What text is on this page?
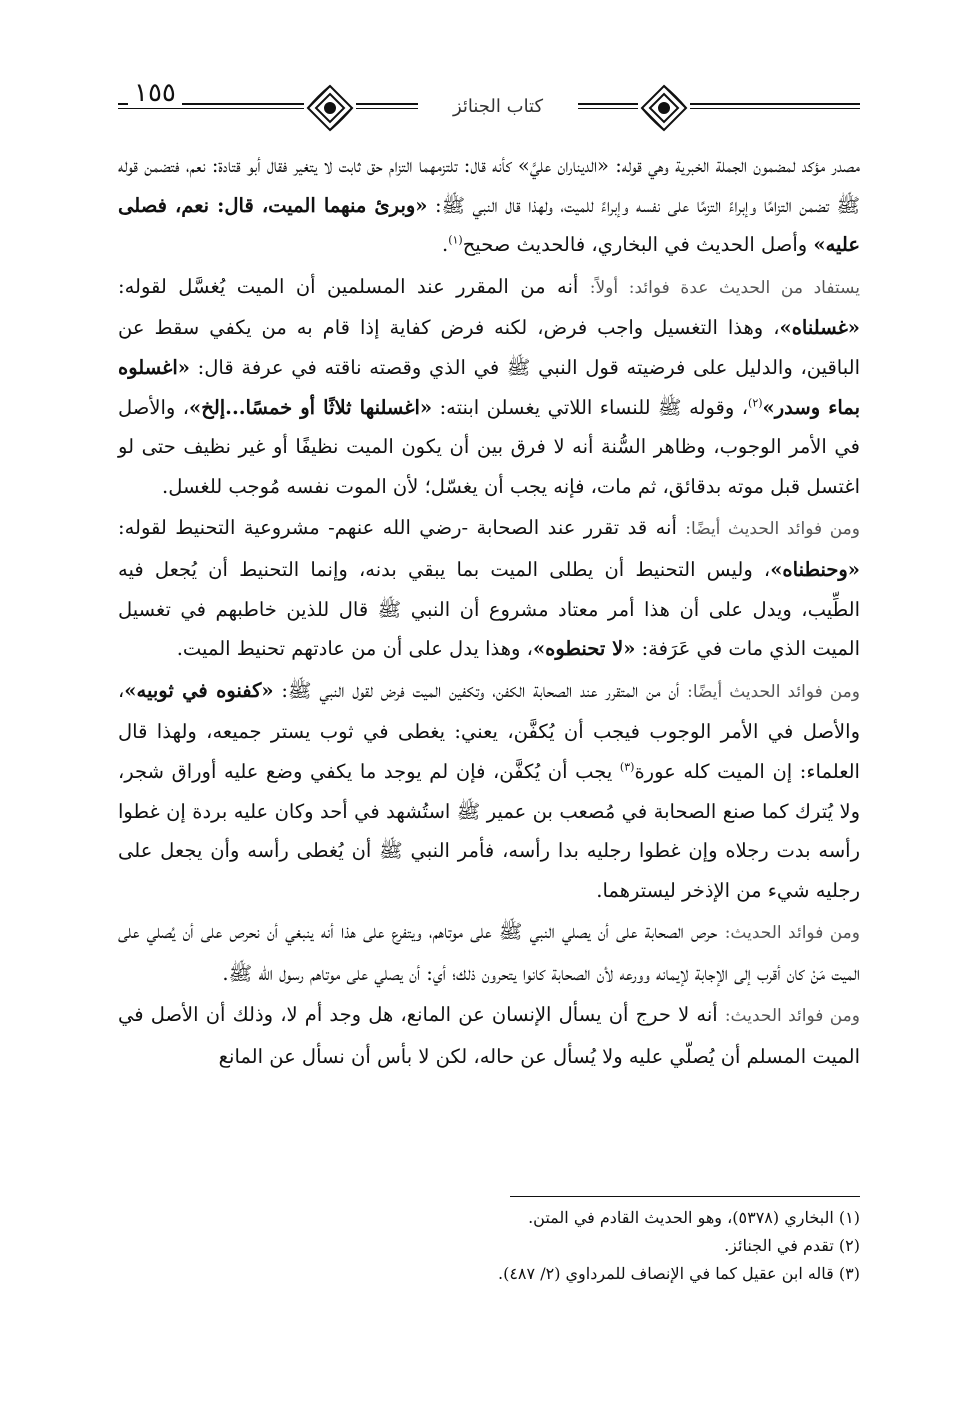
١٥٥	كتاب الجنائز

مصدر مؤكد لمضمون الجملة الخبرية وهي قوله: «الديناران عليَّ» كأنه قال: تلتزمهما التزام حق ثابت لا يتغير فقال أبو قتادة: نعم، فتضمن قوله ﷺ تضمن التزامًا وإبراءً التزمًا على نفسه وإبراءً للميت، ولهذا قال النبي ﷺ: «وبرئ منهما الميت، قال: نعم، فصلى عليه» وأصل الحديث في البخاري، فالحديث صحيح$^{(١)}$.

يستفاد من الحديث عدة فوائد: أولاً: أنه من المقرر عند المسلمين أن الميت يُغسَّل لقوله: «غسلناه»، وهذا التغسيل واجب فرض، لكنه فرض كفاية إذا قام به من يكفي سقط عن الباقين، والدليل على فرضيته قول النبي ﷺ في الذي وقصته ناقته في عرفة قال: «اغسلوه بماء وسدر»$^{(٢)}$، وقوله ﷺ للنساء اللاتي يغسلن ابنته: «اغسلنها ثلاثًا أو خمسًا...إلخ»، والأصل في الأمر الوجوب، وظاهر السُّنة أنه لا فرق بين أن يكون الميت نظيفًا أو غير نظيف حتى لو اغتسل قبل موته بدقائق، ثم مات، فإنه يجب أن يغسّل؛ لأن الموت نفسه مُوجب للغسل.

ومن فوائد الحديث أيضًا: أنه قد تقرر عند الصحابة -رضي الله عنهم- مشروعية التحنيط لقوله: «وحنطناه»، وليس التحنيط أن يطلى الميت بما يبقي بدنه، وإنما التحنيط أن يُجعل فيه الطِّيب، ويدل على أن هذا أمر معتاد مشروع أن النبي ﷺ قال للذين خاطبهم في تغسيل الميت الذي مات في عَرَفة: «لا تحنطوه»، وهذا يدل على أن من عادتهم تحنيط الميت.

ومن فوائد الحديث أيضًا: أن من المتقرر عند الصحابة الكفن، وتكفين الميت فرض لقول النبي ﷺ: «كفنوه في ثوبيه»، والأصل في الأمر الوجوب فيجب أن يُكفَّن، يعني: يغطى في ثوب يستر جميعه، ولهذا قال العلماء: إن الميت كله عورة$^{(٣)}$ يجب أن يُكفَّن، فإن لم يوجد ما يكفي وضع عليه أوراق شجر، ولا يُترك كما صنع الصحابة في مُصعب بن عمير ﷺ استُشهد في أحد وكان عليه بردة إن غطوا رأسه بدت رجلاه وإن غطوا رجليه بدا رأسه، فأمر النبي ﷺ أن يُغطى رأسه وأن يجعل على رجليه شيء من الإذخر ليسترهما.

ومن فوائد الحديث: حرص الصحابة على أن يصلي النبي ﷺ على موتاهم، ويتفرع على هذا أنه ينبغي أن نحرص على أن يُصلي على الميت مَنْ كان أقرب إلى الإجابة لإيمانه وورعه لأن الصحابة كانوا يتحرون ذلك؛ أي: أن يصلي على موتاهم رسول الله ﷺ.

ومن فوائد الحديث: أنه لا حرج أن يسأل الإنسان عن المانع، هل وجد أم لا، وذلك أن الأصل في الميت المسلم أن يُصلّي عليه ولا يُسأل عن حاله، لكن لا بأس أن نسأل عن المانع

(١) البخاري (٥٣٧٨)، وهو الحديث القادم في المتن.
(٢) تقدم في الجنائز.
(٣) قاله ابن عقيل كما في الإنصاف للمرداوي (٢/ ٤٨٧).
